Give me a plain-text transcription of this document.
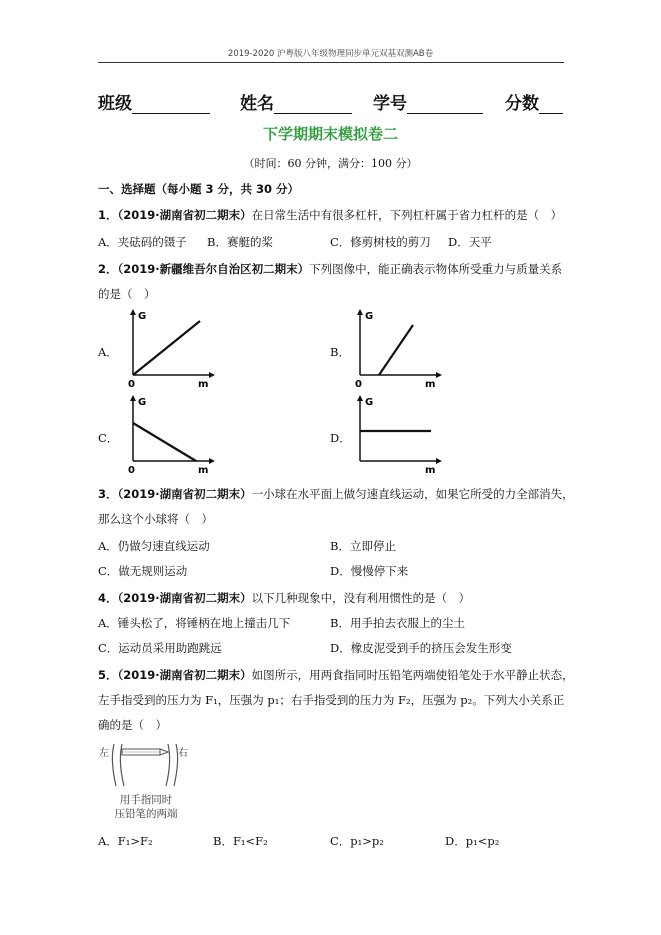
2019-2020 沪粤版八年级物理同步单元双基双测AB卷
班级	姓名	学号	分数
下学期期末模拟卷二
（时间：60 分钟，满分：100 分）
一、选择题（每小题 3 分，共 30 分）
1．（2019·湖南省初二期末）在日常生活中有很多杠杆，下列杠杆属于省力杠杆的是（　）
A．夹砝码的镊子 B．赛艇的桨	C．修剪树枝的剪刀 D．天平
2．（2019·新疆维吾尔自治区初二期末）下列图像中，能正确表示物体所受重力与质量关系
的是（　）
A．	B．
C．	D．
G
m
0
G
m
0
G
m
0
G
m
3．（2019·湖南省初二期末）一小球在水平面上做匀速直线运动，如果它所受的力全部消失，
那么这个小球将（　）
A．仍做匀速直线运动	B．立即停止
C．做无规则运动	D．慢慢停下来
4．（2019·湖南省初二期末）以下几种现象中，没有利用惯性的是（　）
A．锤头松了，将锤柄在地上撞击几下	B．用手拍去衣服上的尘土
C．运动员采用助跑跳远	D．橡皮泥受到手的挤压会发生形变
5．（2019·湖南省初二期末）如图所示，用两食指同时压铅笔两端使铅笔处于水平静止状态，
左手指受到的压力为 F₁，压强为 p₁；右手指受到的压力为 F₂，压强为 p₂。下列大小关系正
确的是（　）
左	右
用手指同时
压铅笔的两端
A．F₁>F₂	B．F₁<F₂	C．p₁>p₂	D．p₁<p₂
